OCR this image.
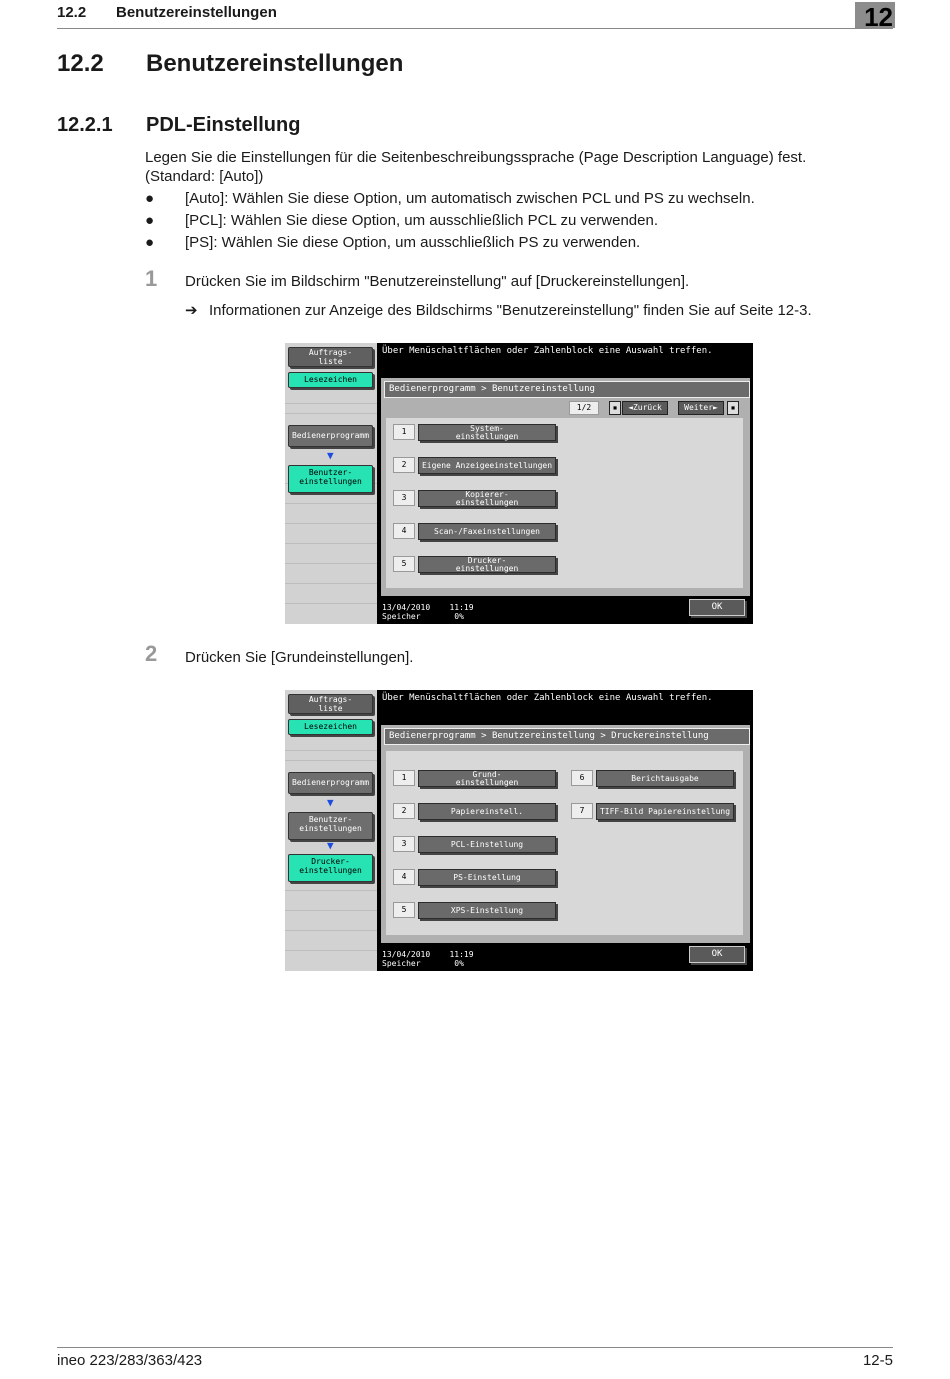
12.2 Benutzereinstellungen	12
12.2 Benutzereinstellungen
12.2.1 PDL-Einstellung
Legen Sie die Einstellungen für die Seitenbeschreibungssprache (Page Description Language) fest.
(Standard: [Auto])
● [Auto]: Wählen Sie diese Option, um automatisch zwischen PCL und PS zu wechseln.
● [PCL]: Wählen Sie diese Option, um ausschließlich PCL zu verwenden.
● [PS]: Wählen Sie diese Option, um ausschließlich PS zu verwenden.
1 Drücken Sie im Bildschirm "Benutzereinstellung" auf [Druckereinstellungen].
➔ Informationen zur Anzeige des Bildschirms "Benutzereinstellung" finden Sie auf Seite 12-3.
Auftrags-
liste
Lesezeichen
Bedienerprogramm
▼
Benutzer-
einstellungen
Über Menüschaltflächen oder Zahlenblock eine Auswahl treffen.
Bedienerprogramm > Benutzereinstellung
1/2	▪	◄Zurück	Weiter►	▪
1	System-
einstellungen
2	Eigene Anzeigeeinstellungen
3	Kopierer-
einstellungen
4	Scan-/Faxeinstellungen
5	Drucker-
einstellungen
13/04/2010 11:19
Speicher	0%
OK
2 Drücken Sie [Grundeinstellungen].
Auftrags-
liste
Lesezeichen
Bedienerprogramm
▼
Benutzer-
einstellungen
▼
Drucker-
einstellungen
Über Menüschaltflächen oder Zahlenblock eine Auswahl treffen.
Bedienerprogramm > Benutzereinstellung > Druckereinstellung
1	Grund-
einstellungen
2	Papiereinstell.
3	PCL-Einstellung
4	PS-Einstellung
5	XPS-Einstellung
6	Berichtausgabe
7	TIFF-Bild Papiereinstellung
13/04/2010 11:19
Speicher	0%
OK
ineo 223/283/363/423	12-5
